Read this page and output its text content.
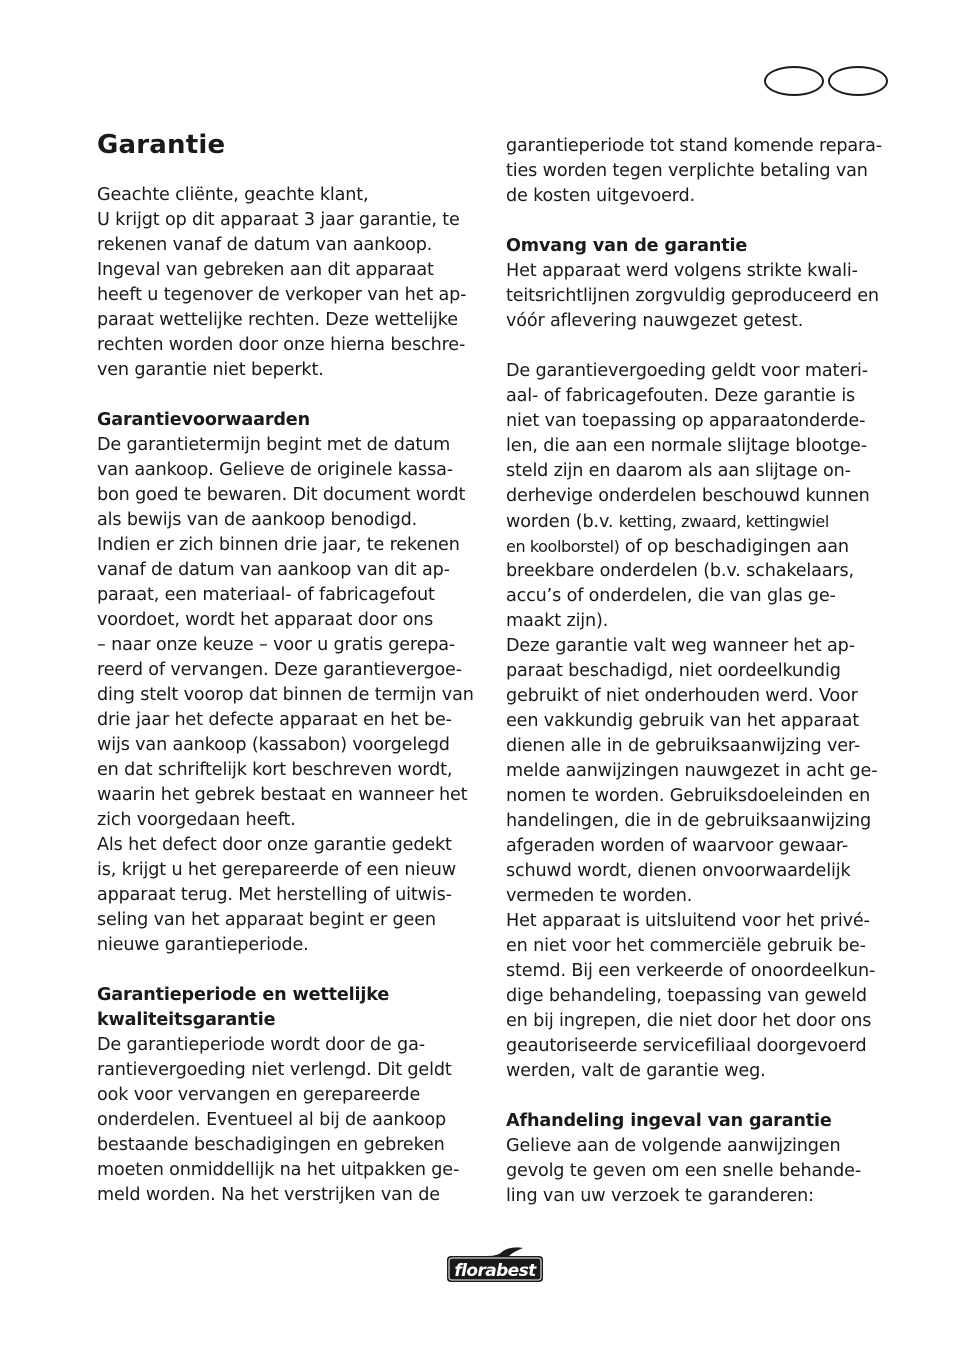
Garantie
Geachte cliënte, geachte klant,
U krijgt op dit apparaat 3 jaar garantie, te
rekenen vanaf de datum van aankoop.
Ingeval van gebreken aan dit apparaat
heeft u tegenover de verkoper van het ap-
paraat wettelijke rechten. Deze wettelijke
rechten worden door onze hierna beschre-
ven garantie niet beperkt.
Garantievoorwaarden
De garantietermijn begint met de datum
van aankoop. Gelieve de originele kassa-
bon goed te bewaren. Dit document wordt
als bewijs van de aankoop benodigd.
Indien er zich binnen drie jaar, te rekenen
vanaf de datum van aankoop van dit ap-
paraat, een materiaal- of fabricagefout
voordoet, wordt het apparaat door ons
– naar onze keuze – voor u gratis gerepa-
reerd of vervangen. Deze garantievergoe-
ding stelt voorop dat binnen de termijn van
drie jaar het defecte apparaat en het be-
wijs van aankoop (kassabon) voorgelegd
en dat schriftelijk kort beschreven wordt,
waarin het gebrek bestaat en wanneer het
zich voorgedaan heeft.
Als het defect door onze garantie gedekt
is, krijgt u het gerepareerde of een nieuw
apparaat terug. Met herstelling of uitwis-
seling van het apparaat begint er geen
nieuwe garantieperiode.
Garantieperiode en wettelijke
kwaliteitsgarantie
De garantieperiode wordt door de ga-
rantievergoeding niet verlengd. Dit geldt
ook voor vervangen en gerepareerde
onderdelen. Eventueel al bij de aankoop
bestaande beschadigingen en gebreken
moeten onmiddellijk na het uitpakken ge-
meld worden. Na het verstrijken van de
garantieperiode tot stand komende repara-
ties worden tegen verplichte betaling van
de kosten uitgevoerd.
Omvang van de garantie
Het apparaat werd volgens strikte kwali-
teitsrichtlijnen zorgvuldig geproduceerd en
vóór aflevering nauwgezet getest.
De garantievergoeding geldt voor materi-
aal- of fabricagefouten. Deze garantie is
niet van toepassing op apparaatonderde-
len, die aan een normale slijtage blootge-
steld zijn en daarom als aan slijtage on-
derhevige onderdelen beschouwd kunnen
worden (b.v. ketting, zwaard, kettingwiel
en koolborstel) of op beschadigingen aan
breekbare onderdelen (b.v. schakelaars,
accu’s of onderdelen, die van glas ge-
maakt zijn).
Deze garantie valt weg wanneer het ap-
paraat beschadigd, niet oordeelkundig
gebruikt of niet onderhouden werd. Voor
een vakkundig gebruik van het apparaat
dienen alle in de gebruiksaanwijzing ver-
melde aanwijzingen nauwgezet in acht ge-
nomen te worden. Gebruiksdoeleinden en
handelingen, die in de gebruiksaanwijzing
afgeraden worden of waarvoor gewaar-
schuwd wordt, dienen onvoorwaardelijk
vermeden te worden.
Het apparaat is uitsluitend voor het privé-
en niet voor het commerciële gebruik be-
stemd. Bij een verkeerde of onoordeelkun-
dige behandeling, toepassing van geweld
en bij ingrepen, die niet door het door ons
geautoriseerde servicefiliaal doorgevoerd
werden, valt de garantie weg.
Afhandeling ingeval van garantie
Gelieve aan de volgende aanwijzingen
gevolg te geven om een snelle behande-
ling van uw verzoek te garanderen:
florabest
